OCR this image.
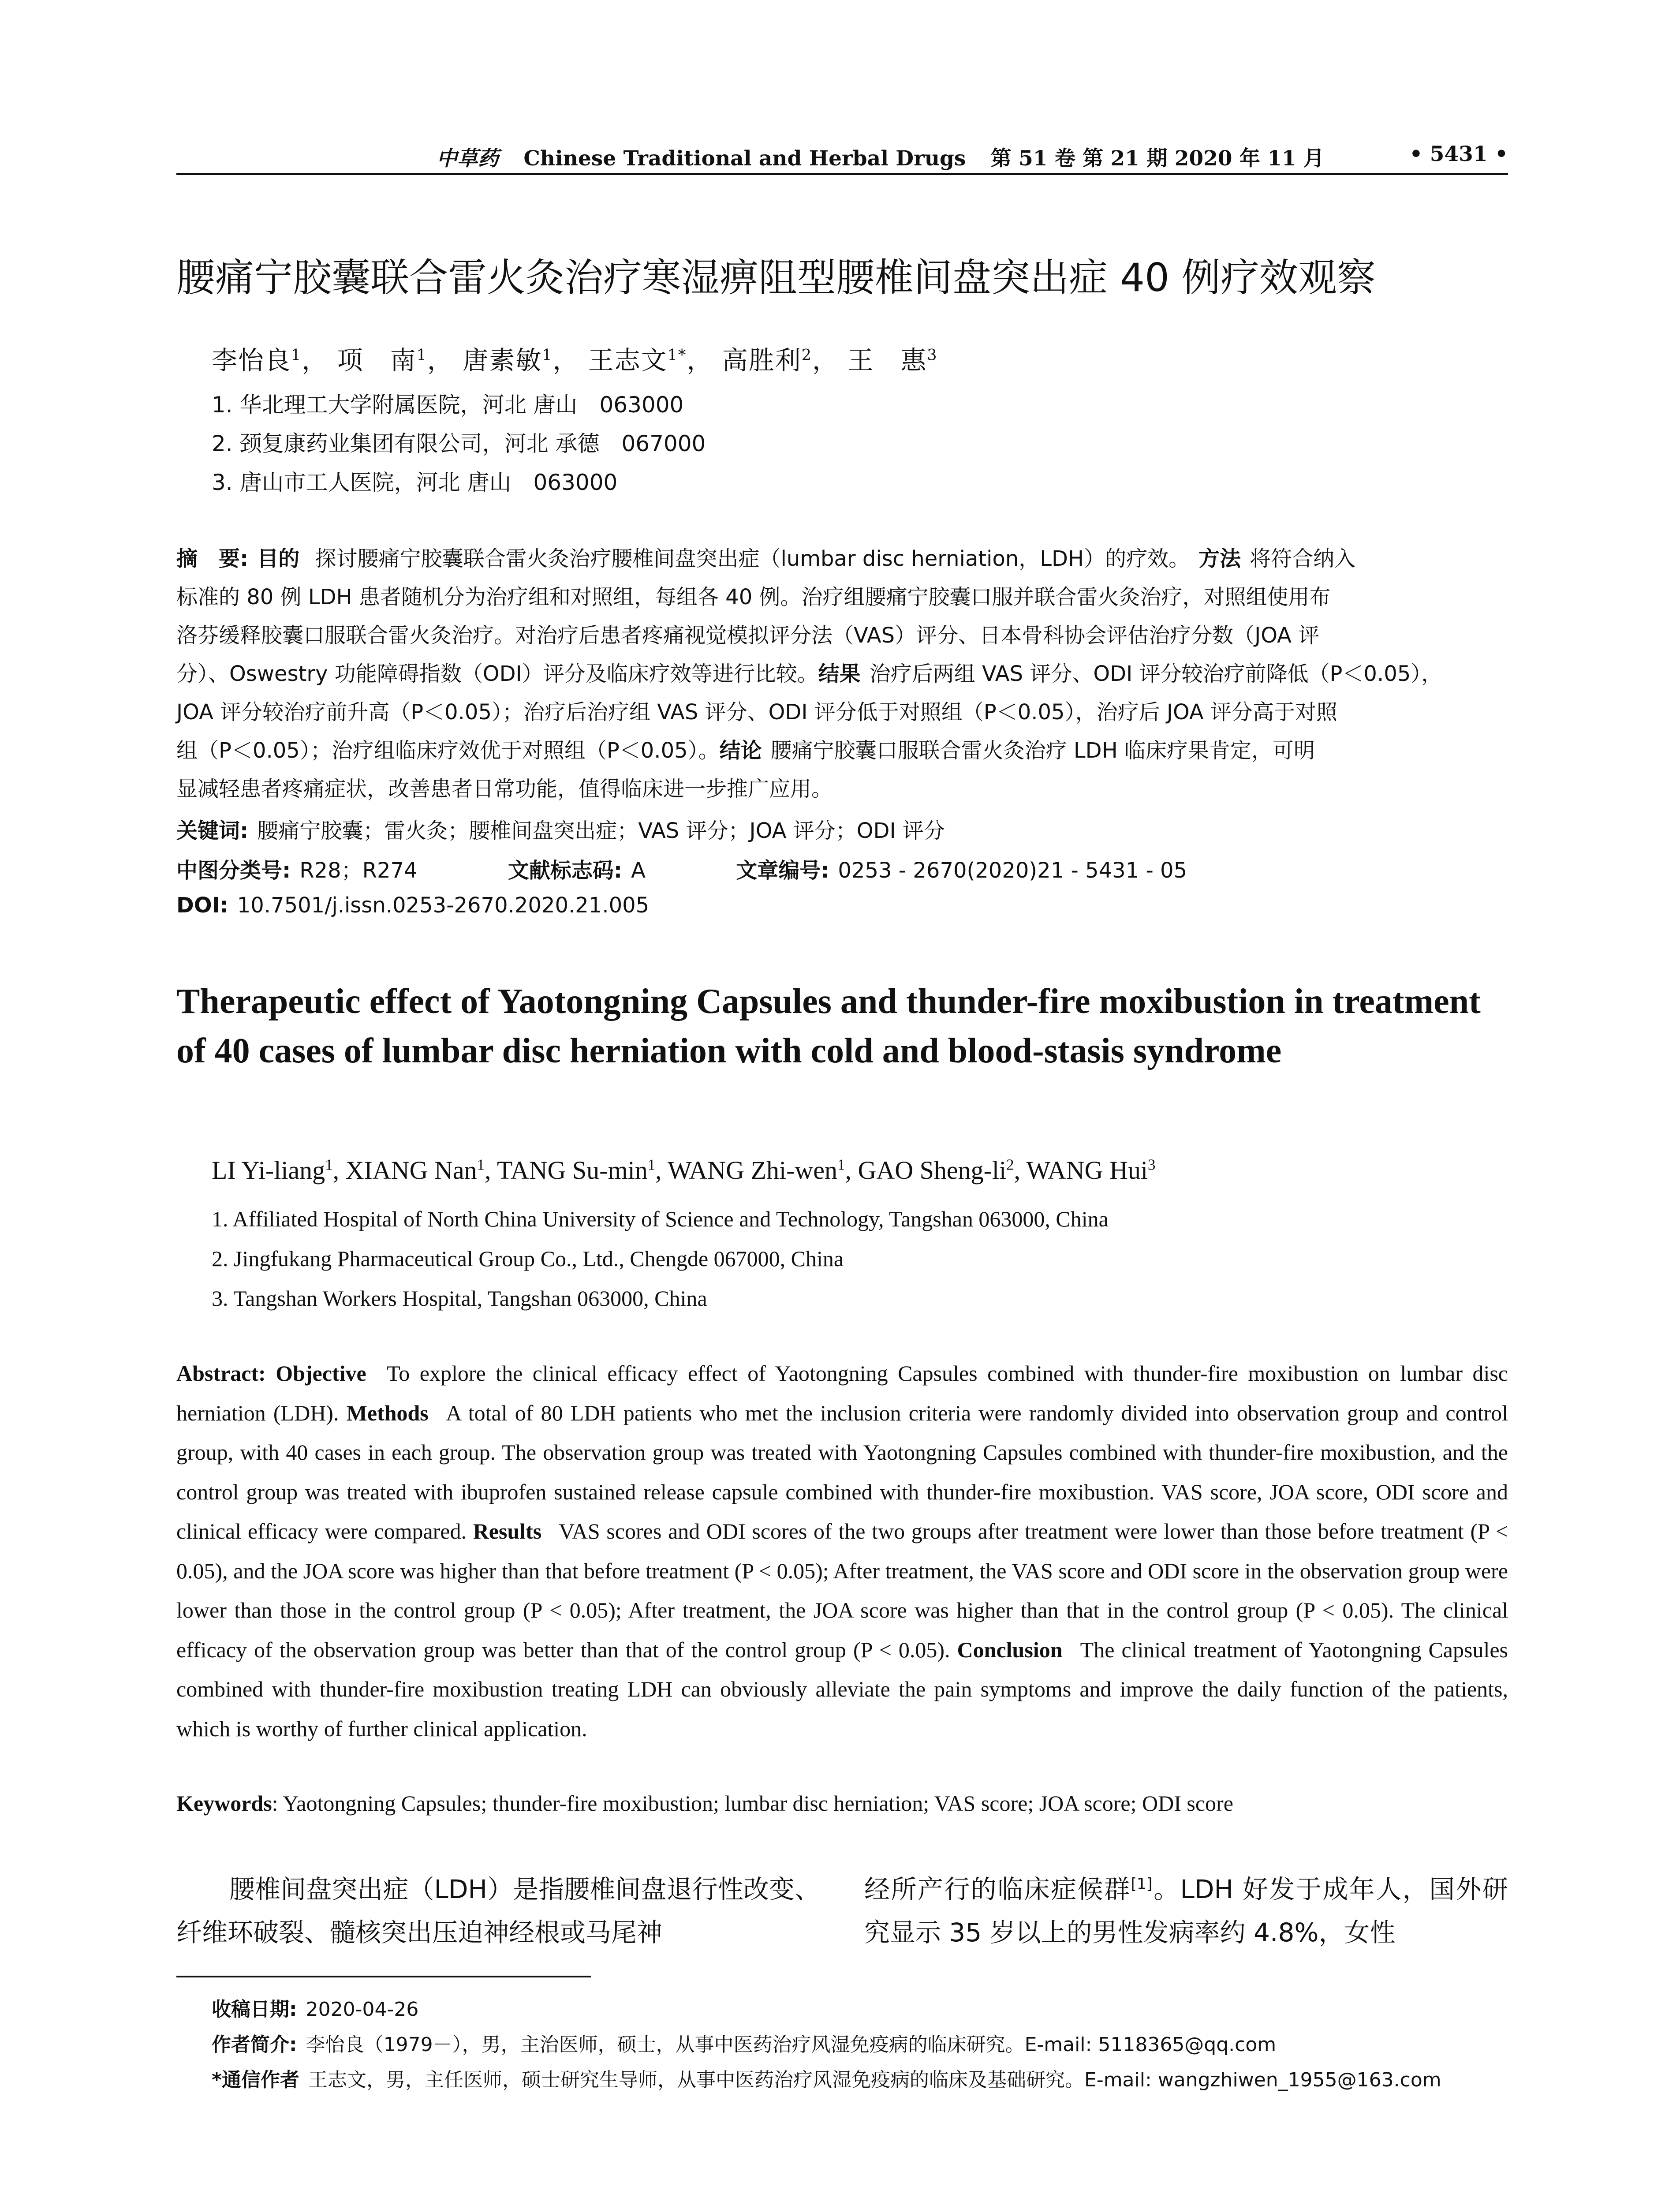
中草药 Chinese Traditional and Herbal Drugs 第 51 卷 第 21 期 2020 年 11 月	• 5431 •
腰痛宁胶囊联合雷火灸治疗寒湿痹阻型腰椎间盘突出症 40 例疗效观察
李怡良$^1$， 项　南$^1$， 唐素敏$^1$， 王志文$^{1*}$， 高胜利$^2$， 王　惠$^3$
1. 华北理工大学附属医院，河北 唐山　063000
2. 颈复康药业集团有限公司，河北 承德　067000
3. 唐山市工人医院，河北 唐山　063000
摘　要: 目的 探讨腰痛宁胶囊联合雷火灸治疗腰椎间盘突出症（lumbar disc herniation，LDH）的疗效。 方法 将符合纳入
标准的 80 例 LDH 患者随机分为治疗组和对照组，每组各 40 例。治疗组腰痛宁胶囊口服并联合雷火灸治疗，对照组使用布
洛芬缓释胶囊口服联合雷火灸治疗。对治疗后患者疼痛视觉模拟评分法（VAS）评分、日本骨科协会评估治疗分数（JOA 评
分）、Oswestry 功能障碍指数（ODI）评分及临床疗效等进行比较。结果 治疗后两组 VAS 评分、ODI 评分较治疗前降低（P＜0.05），
JOA 评分较治疗前升高（P＜0.05）；治疗后治疗组 VAS 评分、ODI 评分低于对照组（P＜0.05），治疗后 JOA 评分高于对照
组（P＜0.05）；治疗组临床疗效优于对照组（P＜0.05）。结论 腰痛宁胶囊口服联合雷火灸治疗 LDH 临床疗果肯定，可明
显减轻患者疼痛症状，改善患者日常功能，值得临床进一步推广应用。
关键词: 腰痛宁胶囊；雷火灸；腰椎间盘突出症；VAS 评分；JOA 评分；ODI 评分
中图分类号: R28；R274	文献标志码: A	文章编号: 0253 - 2670(2020)21 - 5431 - 05
DOI: 10.7501/j.issn.0253-2670.2020.21.005
Therapeutic effect of Yaotongning Capsules and thunder-fire moxibustion in treatment of 40 cases of lumbar disc herniation with cold and blood-stasis syndrome
LI Yi-liang$^1$, XIANG Nan$^1$, TANG $Su-\min^1$, WANG Zhi-wen$^1$, GAO Sheng-$li^2$, WANG Hui$^3$
1. Affiliated Hospital of North China University of Science and Technology, Tangshan 063000, China
2. Jingfukang Pharmaceutical Group Co., Ltd., Chengde 067000, China
3. Tangshan Workers Hospital, Tangshan 063000, China
Abstract: Objective To explore the clinical efficacy effect of Yaotongning Capsules combined with thunder-fire moxibustion on lumbar disc herniation (LDH). Methods A total of 80 LDH patients who met the inclusion criteria were randomly divided into observation group and control group, with 40 cases in each group. The observation group was treated with Yaotongning Capsules combined with thunder-fire moxibustion, and the control group was treated with ibuprofen sustained release capsule combined with thunder-fire moxibustion. VAS score, JOA score, ODI score and clinical efficacy were compared. Results VAS scores and ODI scores of the two groups after treatment were lower than those before treatment (P < 0.05), and the JOA score was higher than that before treatment (P < 0.05); After treatment, the VAS score and ODI score in the observation group were lower than those in the control group (P < 0.05); After treatment, the JOA score was higher than that in the control group (P < 0.05). The clinical efficacy of the observation group was better than that of the control group (P < 0.05). Conclusion The clinical treatment of Yaotongning Capsules combined with thunder-fire moxibustion treating LDH can obviously alleviate the pain symptoms and improve the daily function of the patients, which is worthy of further clinical application.
Keywords: Yaotongning Capsules; thunder-fire moxibustion; lumbar disc herniation; VAS score; JOA score; ODI score
腰椎间盘突出症（LDH）是指腰椎间盘退行性改变、纤维环破裂、髓核突出压迫神经根或马尾神
经所产行的临床症候群[1]。LDH 好发于成年人，国外研究显示 35 岁以上的男性发病率约 4.8%，女性
收稿日期: 2020-04-26
作者简介: 李怡良（1979－），男，主治医师，硕士，从事中医药治疗风湿免疫病的临床研究。E-mail: 5118365@qq.com
*通信作者 王志文，男，主任医师，硕士研究生导师，从事中医药治疗风湿免疫病的临床及基础研究。E-mail: wangzhiwen_1955@163.com
